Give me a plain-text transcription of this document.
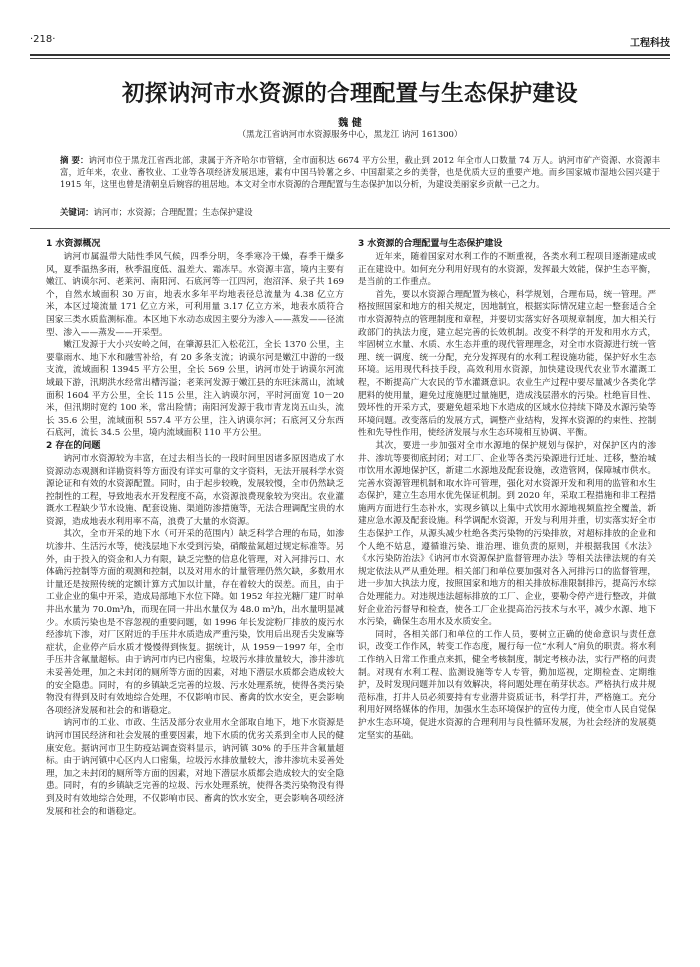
·218·	工程科技
初探讷河市水资源的合理配置与生态保护建设
魏 健
（黑龙江省讷河市水资源服务中心，黑龙江 讷河 161300）
摘 要：讷河市位于黑龙江省西北部，隶属于齐齐哈尔市管辖，全市面积达 6674 平方公里，截止到 2012 年全市人口数量 74 万人。讷河市矿产资源、水资源丰富，近年来，农业、畜牧业、工业等各项经济发展迅速，素有中国马铃薯之乡、中国甜菜之乡的美誉，也是优质大豆的重要产地。而乡国家城市湿地公园兴建于 1915 年，这里也曾是清朝皇后婉容的祖居地。本文对全市水资源的合理配置与生态保护加以分析，为建设美丽家乡贡献一己之力。
关键词：讷河市；水资源；合理配置；生态保护建设
1 水资源概况

讷河市属温带大陆性季风气候，四季分明，冬季寒冷干燥，春季干燥多风，夏季温热多雨，秋季温度低、温差大、霜冻早。水资源丰富，境内主要有嫩江、讷谟尔河、老莱河、南阳河、石底河等一江四河，泡沼泽、泉子共 169 个，自然水域面积 30 万亩，地表水多年平均地表径总流量为 4.38 亿立方米，本区过境流量 171 亿立方米，可利用量 3.17 亿立方米，地表水质符合国家三类水质监测标准。本区地下水动态成因主要分为渗入——蒸发——径流型、渗入——蒸发——开采型。

嫩江发源于大小兴安岭之间，在肇源县汇入松花江，全长 1370 公里，主要靠雨水、地下水和融雪补给，有 20 多条支流；讷谟尔河是嫩江中游的一级支流，流域面积 13945 平方公里，全长 569 公里，讷河市处于讷谟尔河流域最下游，汛期洪水经常出槽泻溢；老莱河发源于嫩江县的东旺沫蒿山，流域面积 1604 平方公里，全长 115 公里，注入讷谟尔河，平时河面宽 10－20 米，但汛期时宽约 100 米，常出险情；南阳河发源于我市青龙岗五山头，流长 35.6 公里，流域面积 557.4 平方公里，注入讷谟尔河；石底河又分东西石底河，流长 34.5 公里，境内流域面积 110 平方公里。

2 存在的问题

讷河市水资源较为丰富，在过去相当长的一段时间里因诸多原因造成了水资源动态观测和详勘资料等方面没有详实可靠的文字资料，无法开展科学水资源论证和有效的水资源配置。同时，由于起步较晚，发展较慢，全市仍然缺乏控制性的工程，导致地表水开发程度不高，水资源浪费现象较为突出。农业灌溉水工程缺少节水设施、配套设施、渠道防渗措施等，无法合理调配宝贵的水资源，造成地表水利用率不高，浪费了大量的水资源。

其次，全市开采的地下水（可开采的范围内）缺乏科学合理的布局，如渗坑渗井、生活污水等，使浅层地下水受到污染，硝酸盐氮超过规定标准等。另外，由于投入的资金和人力有限，缺乏完整的信息化管理，对入河排污口、水体确污控制等方面的观测和控制，以及对用水的计量管理仍然欠缺，多数用水计量还是按照传统的定额计算方式加以计量，存在着较大的误差。而且，由于工业企业的集中开采，造成局部地下水位下降。如 1952 年拉光糖厂建厂时单井出水量为 70.0m³/h，而现在同一井出水量仅为 48.0 m³/h，出水量明显减少。水质污染也是不容忽视的重要问题，如 1996 年长发淀粉厂排放的废污水经渗坑下渗，对厂区附近的手压井水质造成严重污染，饮用后出现舌尖发麻等症状，企业停产后水质才慢慢得到恢复。据统计，从 1959－1997 年，全市手压井含氟量超标。由于讷河市内已内密集，垃圾污水排放量较大，渗井渗坑未妥善处理，加之未封闭的厕所等方面的因素，对地下潜层水质都会造成较大的安全隐患。同时，有的乡镇缺乏完善的垃圾、污水处理系统，使得各类污染物没有得到及时有效地综合处理，不仅影响市民、畜禽的饮水安全，更会影响各项经济发展和社会的和谐稳定。

讷河市的工业、市政、生活及部分农业用水全部取自地下，地下水资源是讷河市国民经济和社会发展的重要因素，地下水质的优劣关系到全市人民的健康安危。据讷河市卫生防疫站调查资料显示，讷河镇 30% 的手压井含氟量超标。由于讷河镇中心区内人口密集，垃圾污水排放量较大，渗井渗坑未妥善处理，加之未封闭的厕所等方面的因素，对地下潜层水质都会造成较大的安全隐患。同时，有的乡镇缺乏完善的垃圾、污水处理系统，使得各类污染物没有得到及时有效地综合处理，不仅影响市民、畜禽的饮水安全，更会影响各项经济发展和社会的和谐稳定。

3 水资源的合理配置与生态保护建设

近年来，随着国家对水利工作的不断重视，各类水利工程项目逐渐建成或正在建设中。如何充分利用好现有的水资源，发挥最大效能，保护生态平衡，是当前的工作重点。

首先，要以水资源合理配置为核心，科学规划，合理布局，统一管理。严格按照国家和地方的相关规定，因地制宜，根据实际情况建立起一整套适合全市水资源特点的管理制度和章程，并要切实落实好各项规章制度，加大相关行政部门的执法力度，建立起完善的长效机制。改变不科学的开发和用水方式，牢固树立水量、水质、水生态并重的现代管理理念，对全市水资源进行统一管理、统一调度、统一分配，充分发挥现有的水利工程设施功能，保护好水生态环境。运用现代科技手段，高效利用水资源，加快建设现代农业节水灌溉工程，不断提高广大农民的节水灌溉意识。农业生产过程中要尽量减少各类化学肥料的使用量，避免过度施肥过量施肥，造成浅层潜水的污染。杜绝盲目性、毁坏性的开采方式，要避免超采地下水造成的区域水位持续下降及水源污染等环境问题。改变落后的发展方式，调整产业结构，发挥水资源的约束性、控制性和先导性作用，使经济发展与水生态环境相互协调、平衡。

其次，要进一步加强对全市水源地的保护规划与保护，对保护区内的渗井、渗坑等要彻底封闭；对工厂、企业等各类污染源进行迁址、迁移，整治城市饮用水源地保护区，新建二水源地及配套设施，改造管网，保障城市供水。完善水资源管理机制和取水许可管理，强化对水资源开发和利用的监管和水生态保护，建立生态用水优先保证机制。到 2020 年，采取工程措施和非工程措施两方面进行生态补水，实现乡镇以上集中式饮用水源地视频监控全覆盖，新建应急水源及配套设施。科学调配水资源，开发与利用并重，切实落实好全市生态保护工作，从源头减少杜绝各类污染物的污染排放，对超标排放的企业和个人绝不姑息，遵循谁污染、谁治理、谁负责的原则，并根据我国《水法》《水污染防治法》《讷河市水资源保护监督管理办法》等相关法律法规的有关规定依法从严从重处理。相关部门和单位要加强对各入河排污口的监督管理，进一步加大执法力度，按照国家和地方的相关排放标准限制排污，提高污水综合处理能力。对违规违法超标排放的工厂、企业，要勒令停产进行整改，并做好企业治污督导和检查，使各工厂企业提高治污技术与水平，减少水源、地下水污染，确保生态用水及水质安全。

同时，各相关部门和单位的工作人员，要树立正确的使命意识与责任意识，改变工作作风，转变工作态度，履行每一位“水利人”肩负的职责。将水利工作纳入日常工作重点来抓，健全考核制度，制定考核办法，实行严格的问责制。对现有水利工程、监测设施等专人专管，勤加巡视，定期检查、定期维护，及时发现问题并加以有效解决，将问题处理在萌芽状态。严格执行成井规范标准，打井人员必须要持有专业潜井资质证书，科学打井，严格施工。充分利用好网络媒体的作用，加强水生态环境保护的宣传力度，使全市人民自觉保护水生态环境，促进水资源的合理利用与良性循环发展，为社会经济的发展奠定坚实的基础。
